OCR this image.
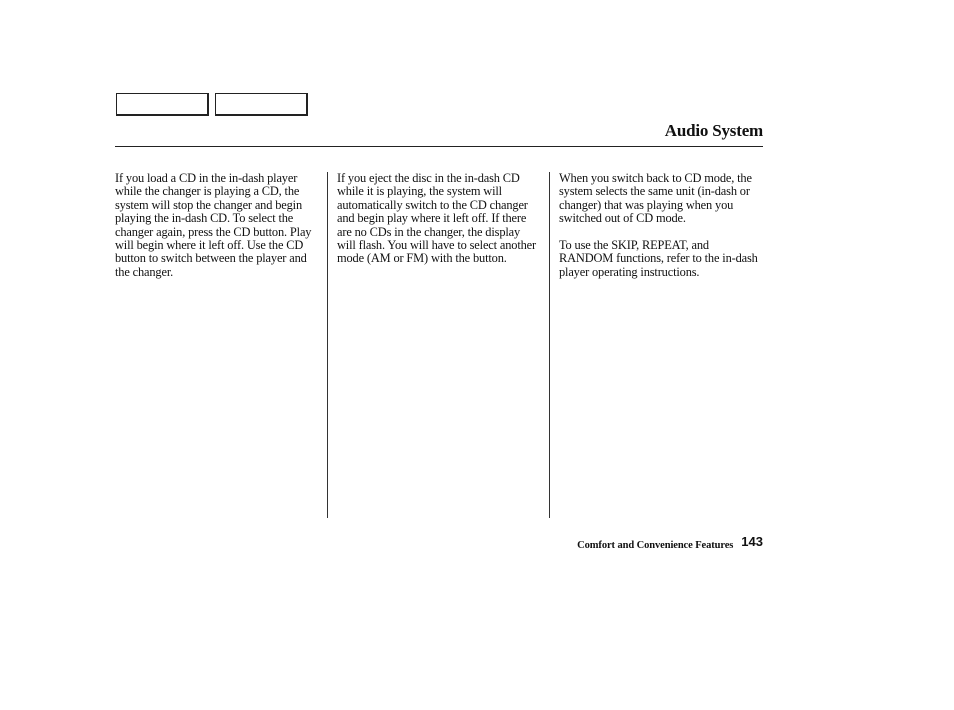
Audio System

If you load a CD in the in-dash player while the changer is playing a CD, the system will stop the changer and begin playing the in-dash CD. To select the changer again, press the CD button. Play will begin where it left off. Use the CD button to switch between the player and the changer.

If you eject the disc in the in-dash CD while it is playing, the system will automatically switch to the CD changer and begin play where it left off. If there are no CDs in the changer, the display will flash. You will have to select another mode (AM or FM) with the button.

When you switch back to CD mode, the system selects the same unit (in-dash or changer) that was playing when you switched out of CD mode.

To use the SKIP, REPEAT, and RANDOM functions, refer to the in-dash player operating instructions.

Comfort and Convenience Features 143
